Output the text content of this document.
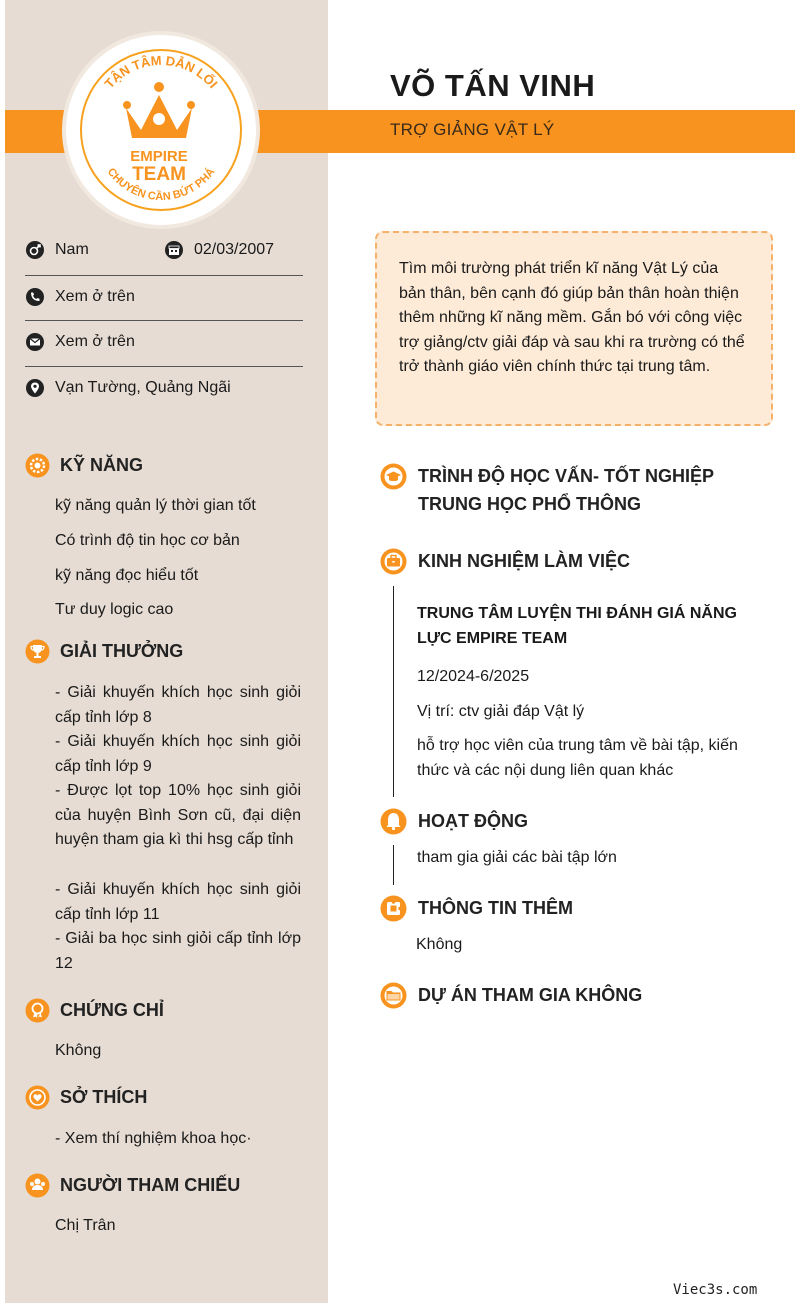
TẬN TÂM DẪN LỐI
CHUYÊN CẦN BỨT PHÁ
EMPIRE
TEAM
VÕ TẤN VINH
TRỢ GIẢNG VẬT LÝ
Nam	02/03/2007
Xem ở trên
Xem ở trên
Vạn Tường, Quảng Ngãi
KỸ NĂNG
kỹ năng quản lý thời gian tốt
Có trình độ tin học cơ bản
kỹ năng đọc hiểu tốt
Tư duy logic cao
GIẢI THƯỞNG
- Giải khuyến khích học sinh giỏi cấp tỉnh lớp 8
- Giải khuyến khích học sinh giỏi cấp tỉnh lớp 9
- Được lọt top 10% học sinh giỏi của huyện Bình Sơn cũ, đại diện huyện tham gia kì thi hsg cấp tỉnh
- Giải khuyến khích học sinh giỏi cấp tỉnh lớp 11
- Giải ba học sinh giỏi cấp tỉnh lớp 12
CHỨNG CHỈ
Không
SỞ THÍCH
- Xem thí nghiệm khoa học·
NGƯỜI THAM CHIẾU
Chị Trân
Tìm môi trường phát triển kĩ năng Vật Lý của bản thân, bên cạnh đó giúp bản thân hoàn thiện thêm những kĩ năng mềm. Gắn bó với công việc trợ giảng/ctv giải đáp và sau khi ra trường có thể trở thành giáo viên chính thức tại trung tâm.
TRÌNH ĐỘ HỌC VẤN- TỐT NGHIỆP TRUNG HỌC PHỔ THÔNG
KINH NGHIỆM LÀM VIỆC
TRUNG TÂM LUYỆN THI ĐÁNH GIÁ NĂNG LỰC EMPIRE TEAM
12/2024-6/2025
Vị trí: ctv giải đáp Vật lý
hỗ trợ học viên của trung tâm về bài tập, kiến thức và các nội dung liên quan khác
HOẠT ĐỘNG
tham gia giải các bài tập lớn
THÔNG TIN THÊM
Không
DỰ ÁN THAM GIA KHÔNG
Viec3s.com
